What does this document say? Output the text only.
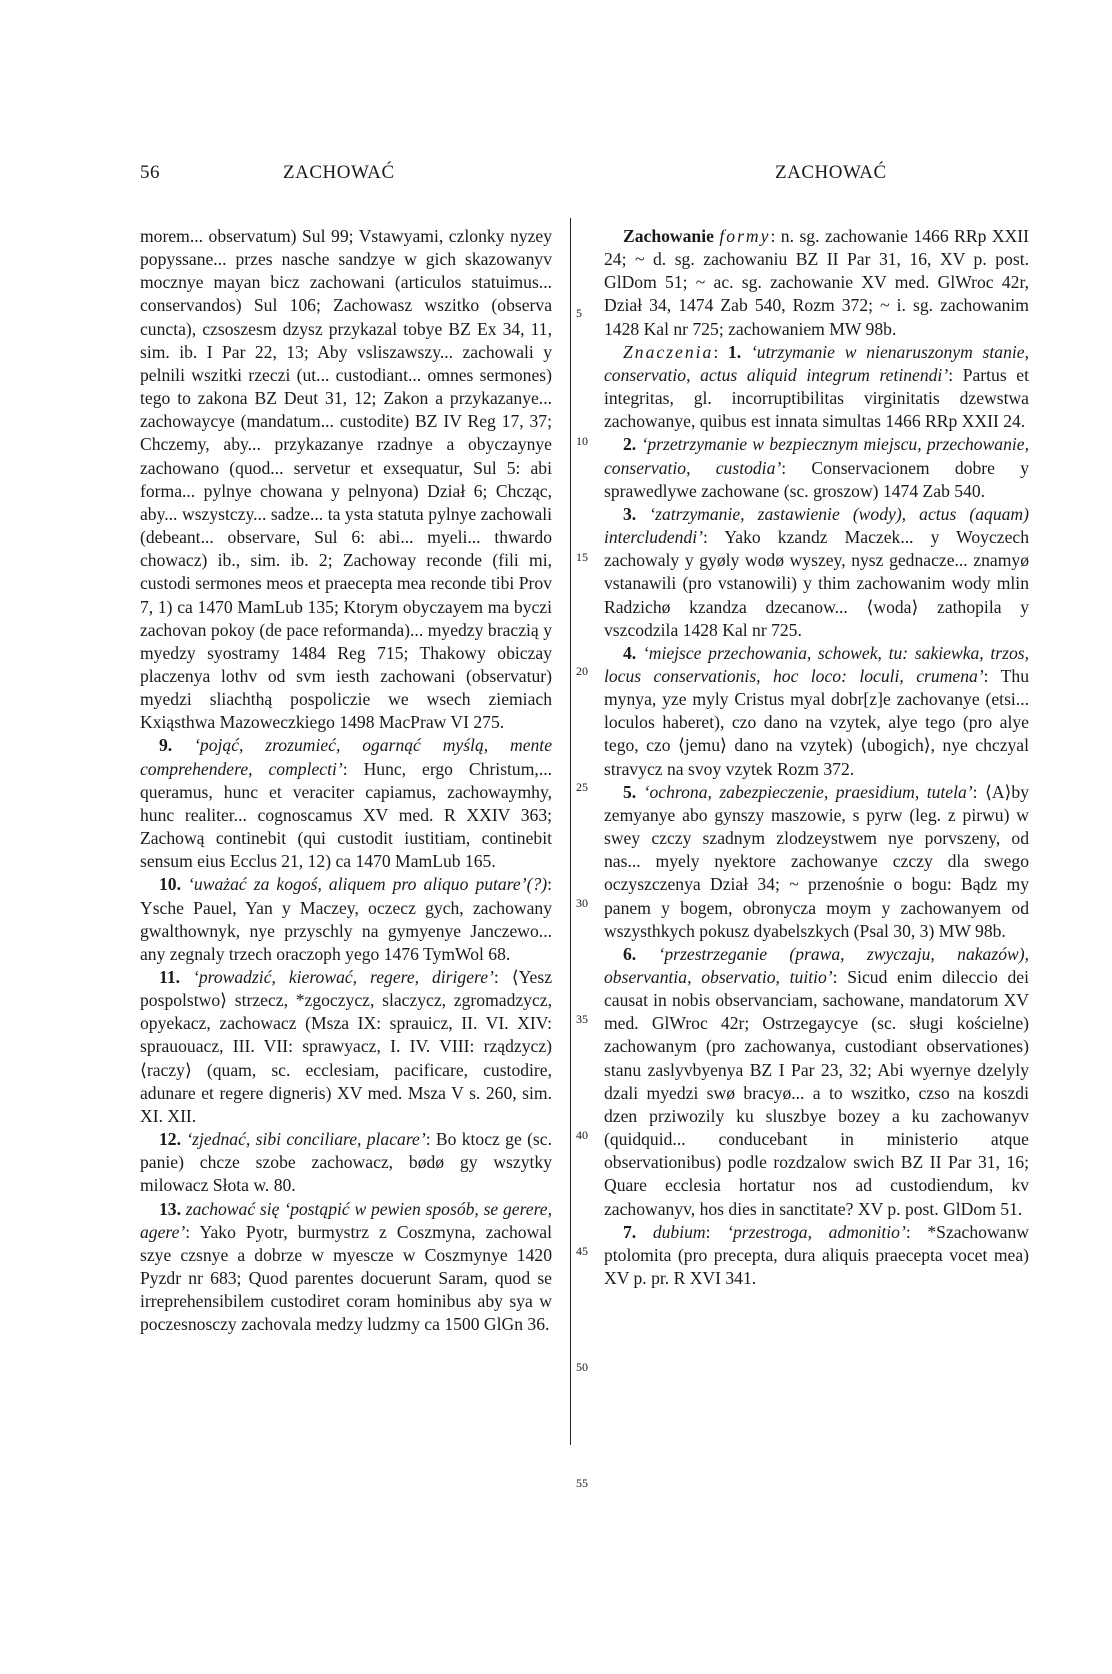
56	ZACHOWAĆ	ZACHOWAĆ

morem... observatum) Sul 99; Vstawyami, czlonky nyzey popyssane... przes nasche sandzye w gich skazowanyv mocznye mayan bicz zachowani (articulos statuimus... conservandos) Sul 106; Zachowasz wszitko (observa cuncta), czsoszesm dzysz przykazal tobye BZ Ex 34, 11, sim. ib. I Par 22, 13; Aby vsliszawszy... zachowali y pelnili wszitki rzeczi (ut... custodiant... omnes sermones) tego to zakona BZ Deut 31, 12; Zakon a przykazanye... zachowaycye (mandatum... custodite) BZ IV Reg 17, 37; Chczemy, aby... przykazanye rzadnye a obyczaynye zachowano (quod... servetur et exsequatur, Sul 5: abi forma... pylnye chowana y pelnyona) Dział 6; Chcząc, aby... wszystczy... sadze... ta ysta statuta pylnye zachowali (debeant... observare, Sul 6: abi... myeli... thwardo chowacz) ib., sim. ib. 2; Zachoway reconde (fili mi, custodi sermones meos et praecepta mea reconde tibi Prov 7, 1) ca 1470 MamLub 135; Ktorym obyczayem ma byczi zachovan pokoy (de pace reformanda)... myedzy braczią y myedzy syostramy 1484 Reg 715; Thakowy obiczay placzenya lothv od svm iesth zachowani (observatur) myedzi sliachthą pospoliczie we wsech ziemiach Kxiąsthwa Mazoweczkiego 1498 MacPraw VI 275.

9. ‘pojąć, zrozumieć, ogarnąć myślą, mente comprehendere, complecti’: Hunc, ergo Christum,... queramus, hunc et veraciter capiamus, zachowaymhy, hunc realiter... cognoscamus XV med. R XXIV 363; Zachową continebit (qui custodit iustitiam, continebit sensum eius Ecclus 21, 12) ca 1470 MamLub 165.

10. ‘uważać za kogoś, aliquem pro aliquo putare’(?): Ysche Pauel, Yan y Maczey, oczecz gych, zachowany gwalthownyk, nye przyschly na gymyenye Janczewo... any zegnaly trzech oraczoph yego 1476 TymWol 68.

11. ‘prowadzić, kierować, regere, dirigere’: ⟨Yesz pospolstwo⟩ strzecz, *zgoczycz, slaczycz, zgromadzycz, opyekacz, zachowacz (Msza IX: sprauicz, II. VI. XIV: sprauouacz, III. VII: sprawyacz, I. IV. VIII: rządzycz) ⟨raczy⟩ (quam, sc. ecclesiam, pacificare, custodire, adunare et regere digneris) XV med. Msza V s. 260, sim. XI. XII.

12. ‘zjednać, sibi conciliare, placare’: Bo ktocz ge (sc. panie) chcze szobe zachowacz, bødø gy wszytky milowacz Słota w. 80.

13. zachować się ‘postąpić w pewien sposób, se gerere, agere’: Yako Pyotr, burmystrz z Coszmyna, zachowal szye czsnye a dobrze w myescze w Coszmynye 1420 Pyzdr nr 683; Quod parentes docuerunt Saram, quod se irreprehensibilem custodiret coram hominibus aby sya w poczesnosczy zachovala medzy ludzmy ca 1500 GlGn 36.

5
10
15
20
25
30
35
40
45
50
55

Zachowanie formy: n. sg. zachowanie 1466 RRp XXII 24; ~ d. sg. zachowaniu BZ II Par 31, 16, XV p. post. GlDom 51; ~ ac. sg. zachowanie XV med. GlWroc 42r, Dział 34, 1474 Zab 540, Rozm 372; ~ i. sg. zachowanim 1428 Kal nr 725; zachowaniem MW 98b.

Znaczenia: 1. ‘utrzymanie w nienaruszonym stanie, conservatio, actus aliquid integrum retinendi’: Partus et integritas, gl. incorruptibilitas virginitatis dzewstwa zachowanye, quibus est innata simultas 1466 RRp XXII 24.

2. ‘przetrzymanie w bezpiecznym miejscu, przechowanie, conservatio, custodia’: Conservacionem dobre y sprawedlywe zachowane (sc. groszow) 1474 Zab 540.

3. ‘zatrzymanie, zastawienie (wody), actus (aquam) intercludendi’: Yako kzandz Maczek... y Woyczech zachowaly y gyøly wodø wyszey, nysz gednacze... znamyø vstanawili (pro vstanowili) y thim zachowanim wody mlin Radzichø kzandza dzecanow... ⟨woda⟩ zathopila y vszcodzila 1428 Kal nr 725.

4. ‘miejsce przechowania, schowek, tu: sakiewka, trzos, locus conservationis, hoc loco: loculi, crumena’: Thu mynya, yze myly Cristus myal dobr[z]e zachovanye (etsi... loculos haberet), czo dano na vzytek, alye tego (pro alye tego, czo ⟨jemu⟩ dano na vzytek) ⟨ubogich⟩, nye chczyal stravycz na svoy vzytek Rozm 372.

5. ‘ochrona, zabezpieczenie, praesidium, tutela’: ⟨A⟩by zemyanye abo gynszy maszowie, s pyrw (leg. z pirwu) w swey czczy szadnym zlodzeystwem nye porvszeny, od nas... myely nyektore zachowanye czczy dla swego oczyszczenya Dział 34; ~ przenośnie o bogu: Bądz my panem y bogem, obronycza moym y zachowanyem od wszysthkych pokusz dyabelszkych (Psal 30, 3) MW 98b.

6. ‘przestrzeganie (prawa, zwyczaju, nakazów), observantia, observatio, tuitio’: Sicud enim dileccio dei causat in nobis observanciam, sachowane, mandatorum XV med. GlWroc 42r; Ostrzegaycye (sc. sługi kościelne) zachowanym (pro zachowanya, custodiant observationes) stanu zaslyvbyenya BZ I Par 23, 32; Abi wyernye dzelyly dzali myedzi swø bracyø... a to wszitko, czso na koszdi dzen prziwozily ku sluszbye bozey a ku zachowanyv (quidquid... conducebant in ministerio atque observationibus) podle rozdzalow swich BZ II Par 31, 16; Quare ecclesia hortatur nos ad custodiendum, kv zachowanyv, hos dies in sanctitate? XV p. post. GlDom 51.

7. dubium: ‘przestroga, admonitio’: *Szachowanw ptolomita (pro precepta, dura aliquis praecepta vocet mea) XV p. pr. R XVI 341.
